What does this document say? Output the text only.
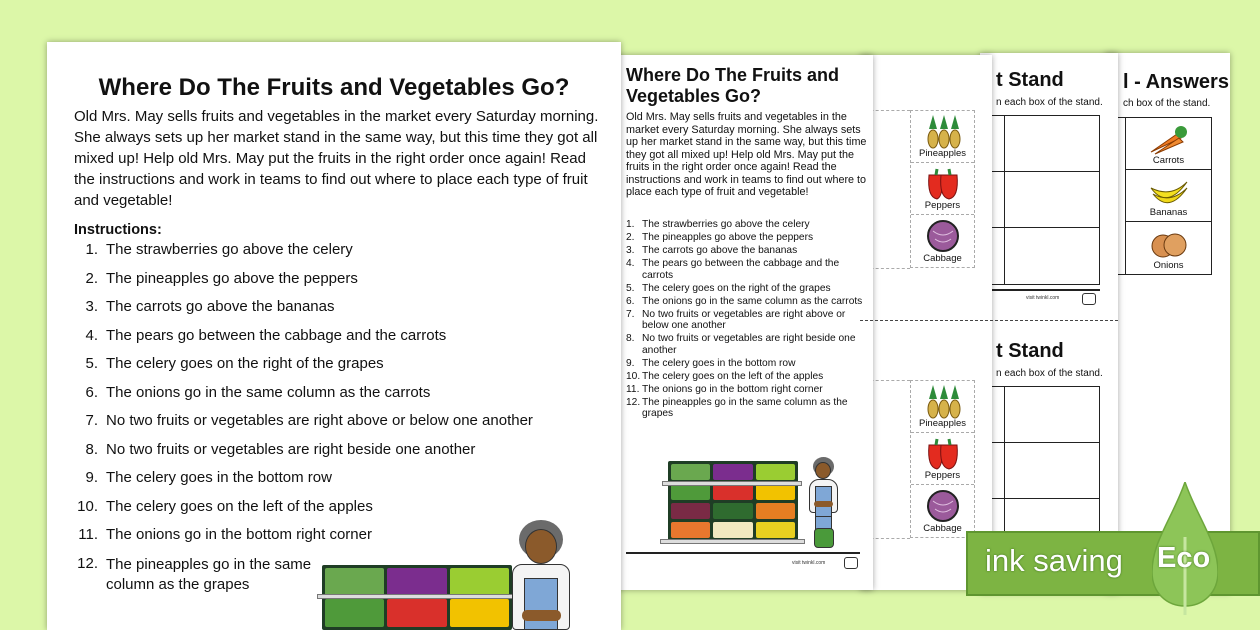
Where Do The Fruits and Vegetables Go?
Old Mrs. May sells fruits and vegetables in the market every Saturday morning. She always sets up her market stand in the same way, but this time they got all mixed up! Help old Mrs. May put the fruits in the right order once again! Read the instructions and work in teams to find out where to place each type of fruit and vegetable!
Instructions:
1. The strawberries go above the celery
2. The pineapples go above the peppers
3. The carrots go above the bananas
4. The pears go between the cabbage and the carrots
5. The celery goes on the right of the grapes
6. The onions go in the same column as the carrots
7. No two fruits or vegetables are right above or below one another
8. No two fruits or vegetables are right beside one another
9. The celery goes in the bottom row
10. The celery goes on the left of the apples
11. The onions go in the bottom right corner
12. The pineapples go in the same column as the grapes
Where Do The Fruits and Vegetables Go?
Old Mrs. May sells fruits and vegetables in the market every Saturday morning. She always sets up her market stand in the same way, but this time they got all mixed up! Help old Mrs. May put the fruits in the right order once again! Read the instructions and work in teams to find out where to place each type of fruit and vegetable!
1. The strawberries go above the celery
2. The pineapples go above the peppers
3. The carrots go above the bananas
4. The pears go between the cabbage and the carrots
5. The celery goes on the right of the grapes
6. The onions go in the same column as the carrots
7. No two fruits or vegetables are right above or below one another
8. No two fruits or vegetables are right beside one another
9. The celery goes in the bottom row
10. The celery goes on the left of the apples
11. The onions go in the bottom right corner
12. The pineapples go in the same column as the grapes
visit twinkl.com
Pineapples
Peppers
Cabbage
Pineapples
Peppers
Cabbage
t Stand
n each box of the stand.
visit twinkl.com
t Stand
n each box of the stand.
l - Answers
ch box of the stand.
Carrots
Bananas
Onions
ink saving Eco
